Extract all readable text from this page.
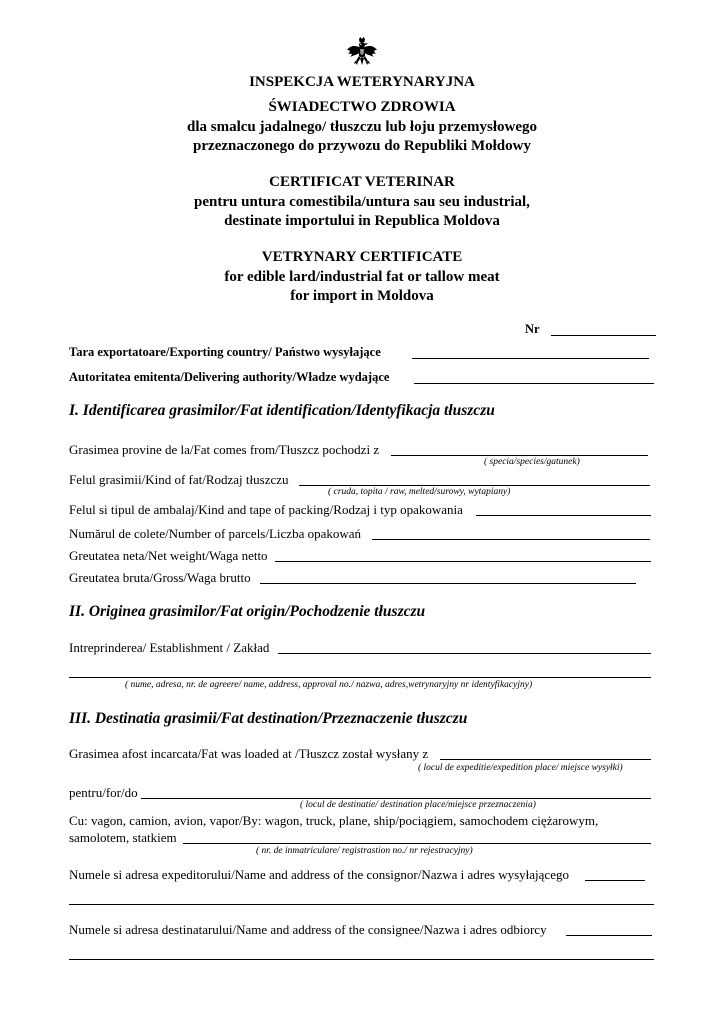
INSPEKCJA WETERYNARYJNA
ŚWIADECTWO ZDROWIA
dla smalcu jadalnego/ tłuszczu lub łoju przemysłowego
przeznaczonego do przywozu do Republiki Mołdowy
CERTIFICAT VETERINAR
pentru untura comestibila/untura sau seu industrial,
destinate importului in Republica Moldova
VETRYNARY CERTIFICATE
for edible lard/industrial fat or tallow meat
for import in Moldova
Nr
Tara exportatoare/Exporting country/ Państwo wysyłające
Autoritatea emitenta/Delivering authority/Władze wydające
I. Identificarea grasimilor/Fat identification/Identyfikacja tłuszczu
Grasimea provine de la/Fat comes from/Tłuszcz pochodzi z
( specia/species/gatunek)
Felul grasimii/Kind of fat/Rodzaj tłuszczu
( cruda, topita / raw, melted/surowy, wytapiany)
Felul si tipul de ambalaj/Kind and tape of packing/Rodzaj i typ opakowania
Numărul de colete/Number of parcels/Liczba opakowań
Greutatea neta/Net weight/Waga netto
Greutatea bruta/Gross/Waga brutto
II. Originea grasimilor/Fat origin/Pochodzenie tłuszczu
Intreprinderea/ Establishment / Zakład
( nume, adresa, nr. de agreere/ name, address, approval no./ nazwa, adres,wetrynaryjny nr identyfikacyjny)
III. Destinatia grasimii/Fat destination/Przeznaczenie tłuszczu
Grasimea afost incarcata/Fat was loaded at /Tłuszcz został wysłany z
( locul de expeditie/expedition place/ miejsce wysyłki)
pentru/for/do
( locul de destinatie/ destination place/miejsce przeznaczenia)
Cu: vagon, camion, avion, vapor/By: wagon, truck, plane, ship/pociągiem, samochodem ciężarowym,
samolotem, statkiem
( nr. de inmatriculare/ registrastion no./ nr rejestracyjny)
Numele si adresa expeditorului/Name and address of the consignor/Nazwa i adres wysyłającego
Numele si adresa destinatarului/Name and address of the consignee/Nazwa i adres odbiorcy
